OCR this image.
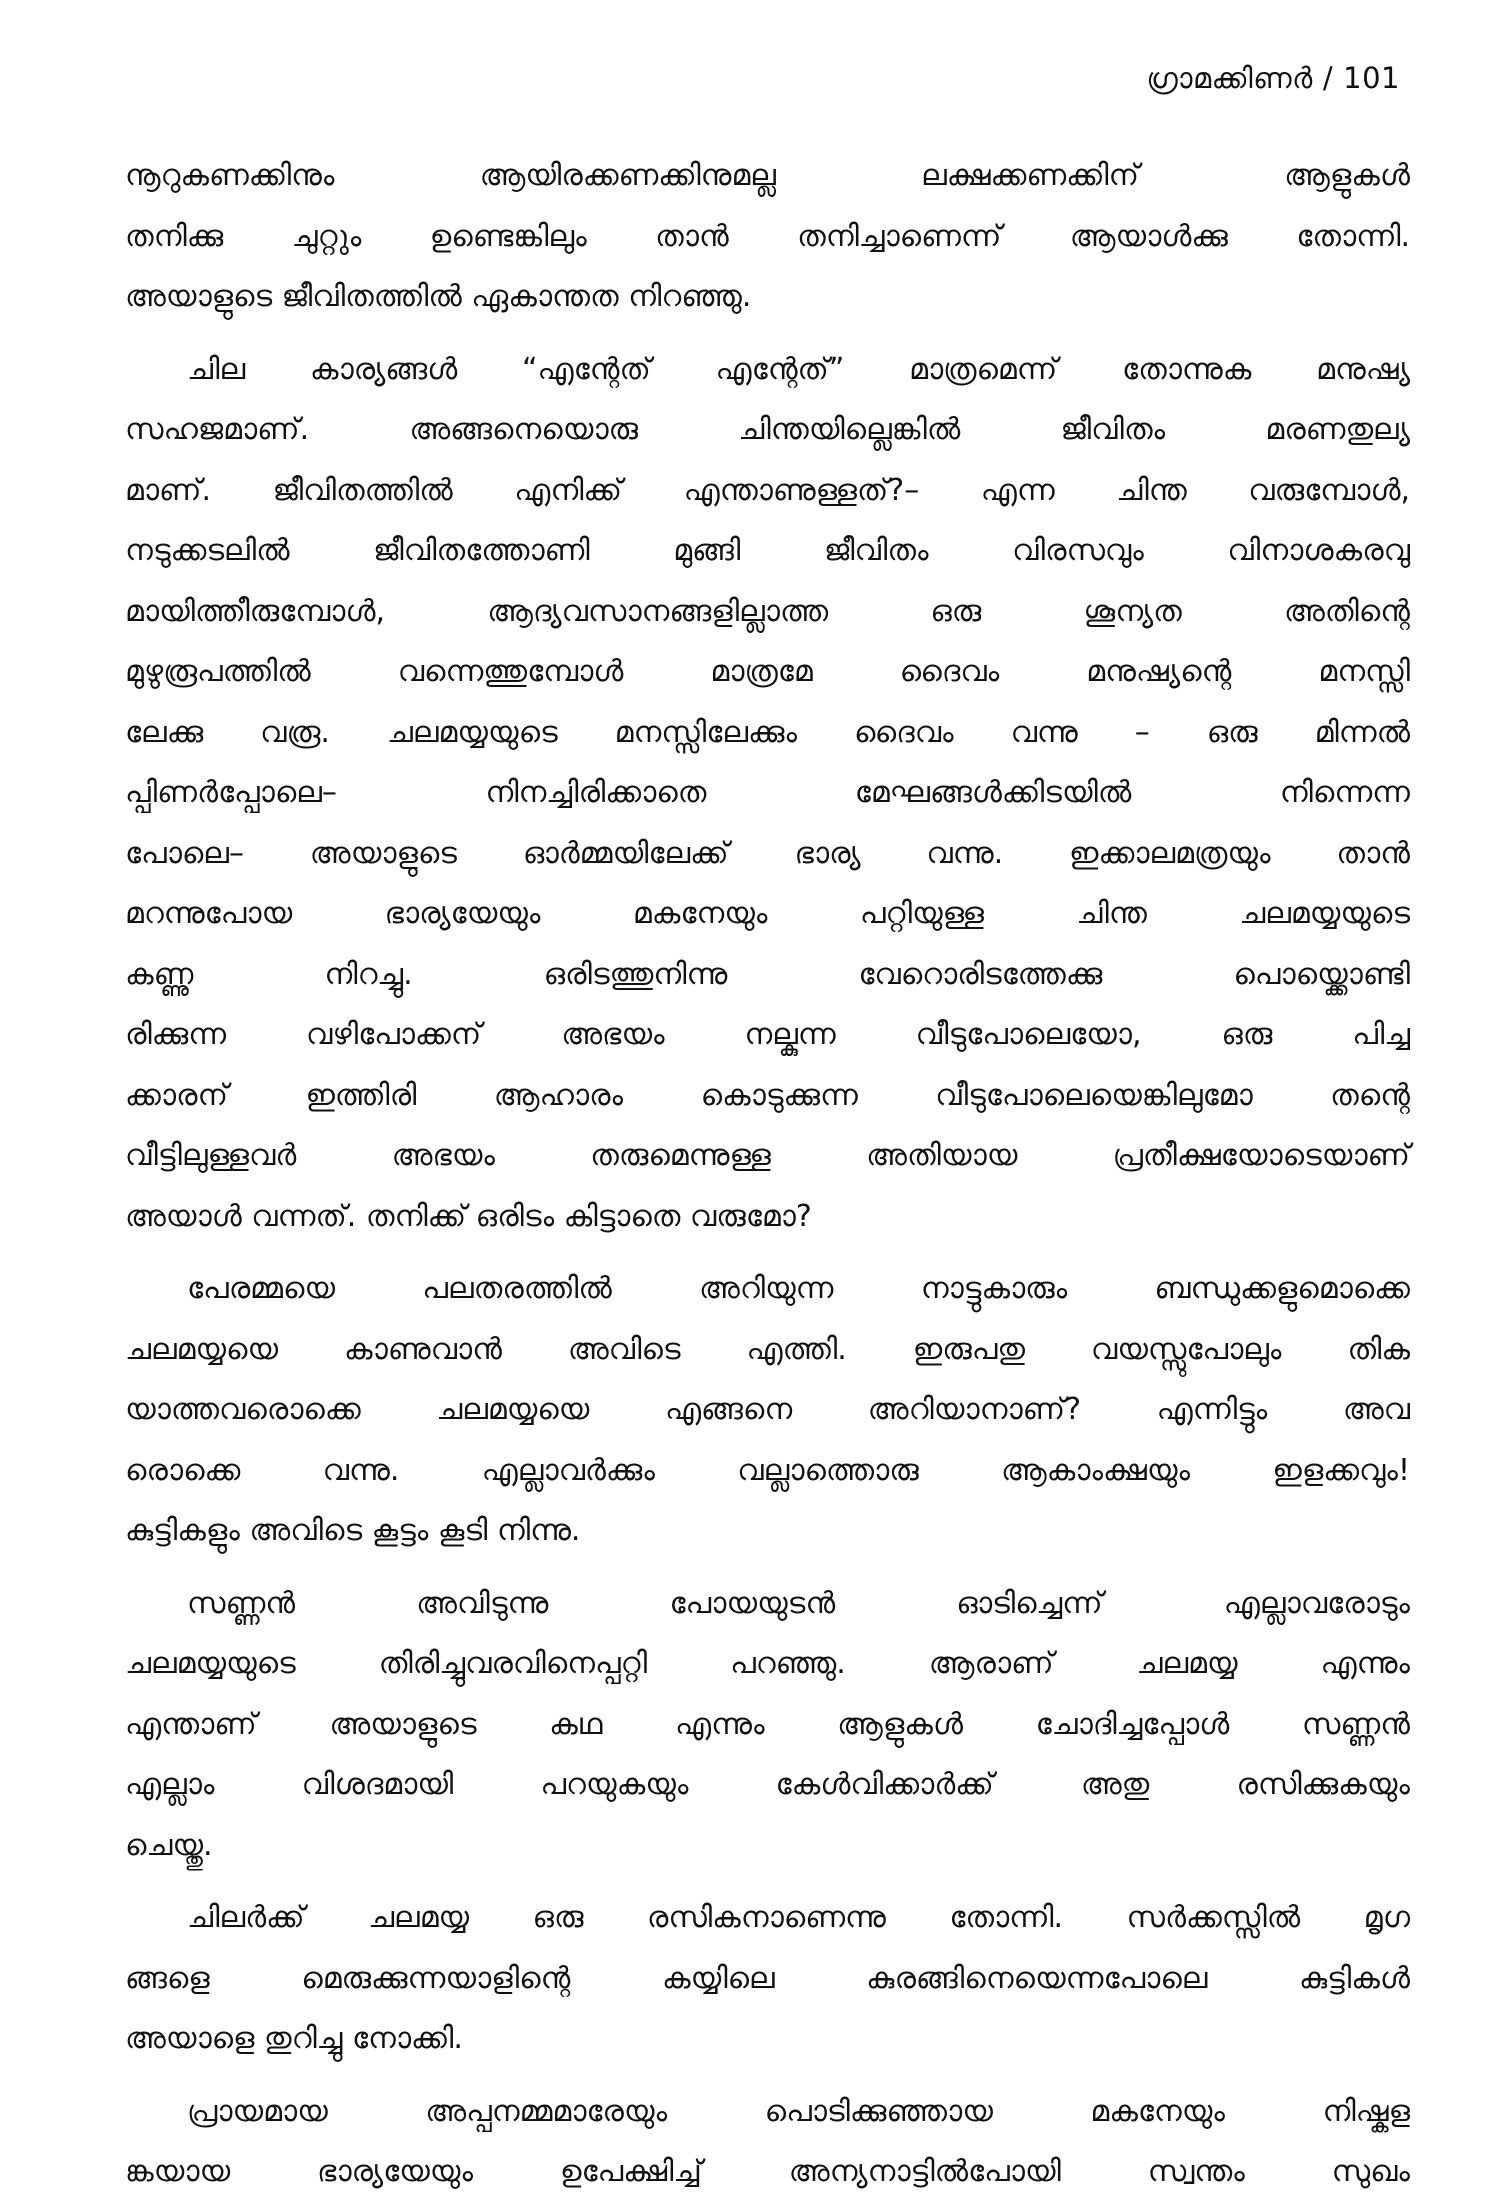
ഗ്രാമക്കിണർ / 101
നൂറുകണക്കിനും ആയിരക്കണക്കിനുമല്ല ലക്ഷക്കണക്കിന് ആളുകൾ
തനിക്കു ചുറ്റും ഉണ്ടെങ്കിലും താൻ തനിച്ചാണെന്ന് ആയാൾക്കു തോന്നി.
അയാളുടെ ജീവിതത്തിൽ ഏകാന്തത നിറഞ്ഞു.
ചില കാര്യങ്ങൾ “എന്റേത് എന്റേത്” മാത്രമെന്ന് തോന്നുക മനുഷ്യ
സഹജമാണ്. അങ്ങനെയൊരു ചിന്തയില്ലെങ്കിൽ ജീവിതം മരണതുല്യ
മാണ്. ജീവിതത്തിൽ എനിക്ക് എന്താണുള്ളത്?– എന്ന ചിന്ത വരുമ്പോൾ,
നടുക്കടലിൽ ജീവിതത്തോണി മുങ്ങി ജീവിതം വിരസവും വിനാശകരവു
മായിത്തീരുമ്പോൾ, ആദ്യവസാനങ്ങളില്ലാത്ത ഒരു ശൂന്യത അതിന്റെ
മുഴുരൂപത്തിൽ വന്നെത്തുമ്പോൾ മാത്രമേ ദൈവം മനുഷ്യന്റെ മനസ്സി
ലേക്കു വരൂ. ചലമയ്യയുടെ മനസ്സിലേക്കും ദൈവം വന്നു – ഒരു മിന്നൽ
പ്പിണർപ്പോലെ– നിനച്ചിരിക്കാതെ മേഘങ്ങൾക്കിടയിൽ നിന്നെന്ന
പോലെ– അയാളുടെ ഓർമ്മയിലേക്ക് ഭാര്യ വന്നു. ഇക്കാലമത്രയും താൻ
മറന്നുപോയ ഭാര്യയേയും മകനേയും പറ്റിയുള്ള ചിന്ത ചലമയ്യയുടെ
കണ്ണു നിറച്ചു. ഒരിടത്തുനിന്നു വേറൊരിടത്തേക്കു പൊയ്ക്കൊണ്ടി
രിക്കുന്ന വഴിപോക്കന് അഭയം നല്കുന്ന വീടുപോലെയോ, ഒരു പിച്ച
ക്കാരന് ഇത്തിരി ആഹാരം കൊടുക്കുന്ന വീടുപോലെയെങ്കിലുമോ തന്റെ
വീട്ടിലുള്ളവർ അഭയം തരുമെന്നുള്ള അതിയായ പ്രതീക്ഷയോടെയാണ്
അയാൾ വന്നത്. തനിക്ക് ഒരിടം കിട്ടാതെ വരുമോ?
പേരമ്മയെ പലതരത്തിൽ അറിയുന്ന നാട്ടുകാരും ബന്ധുക്കളുമൊക്കെ
ചലമയ്യയെ കാണുവാൻ അവിടെ എത്തി. ഇരുപതു വയസ്സുപോലും തിക
യാത്തവരൊക്കെ ചലമയ്യയെ എങ്ങനെ അറിയാനാണ്? എന്നിട്ടും അവ
രൊക്കെ വന്നു. എല്ലാവർക്കും വല്ലാത്തൊരു ആകാംക്ഷയും ഇളക്കവും!
കുട്ടികളും അവിടെ കൂട്ടം കൂടി നിന്നു.
സണ്ണൻ അവിടുന്നു പോയയുടൻ ഓടിച്ചെന്ന് എല്ലാവരോടും
ചലമയ്യയുടെ തിരിച്ചുവരവിനെപ്പറ്റി പറഞ്ഞു. ആരാണ് ചലമയ്യ എന്നും
എന്താണ് അയാളുടെ കഥ എന്നും ആളുകൾ ചോദിച്ചപ്പോൾ സണ്ണൻ
എല്ലാം വിശദമായി പറയുകയും കേൾവിക്കാർക്ക് അതു രസിക്കുകയും
ചെയ്തു.
ചിലർക്ക് ചലമയ്യ ഒരു രസികനാണെന്നു തോന്നി. സർക്കസ്സിൽ മൃഗ
ങ്ങളെ മെരുക്കുന്നയാളിന്റെ കയ്യിലെ കുരങ്ങിനെയെന്നപോലെ കുട്ടികൾ
അയാളെ തുറിച്ചു നോക്കി.
പ്രായമായ അപ്പനമ്മമാരേയും പൊടിക്കുഞ്ഞായ മകനേയും നിഷ്കള
ങ്കയായ ഭാര്യയേയും ഉപേക്ഷിച്ച് അന്യനാട്ടിൽപോയി സ്വന്തം സുഖം
